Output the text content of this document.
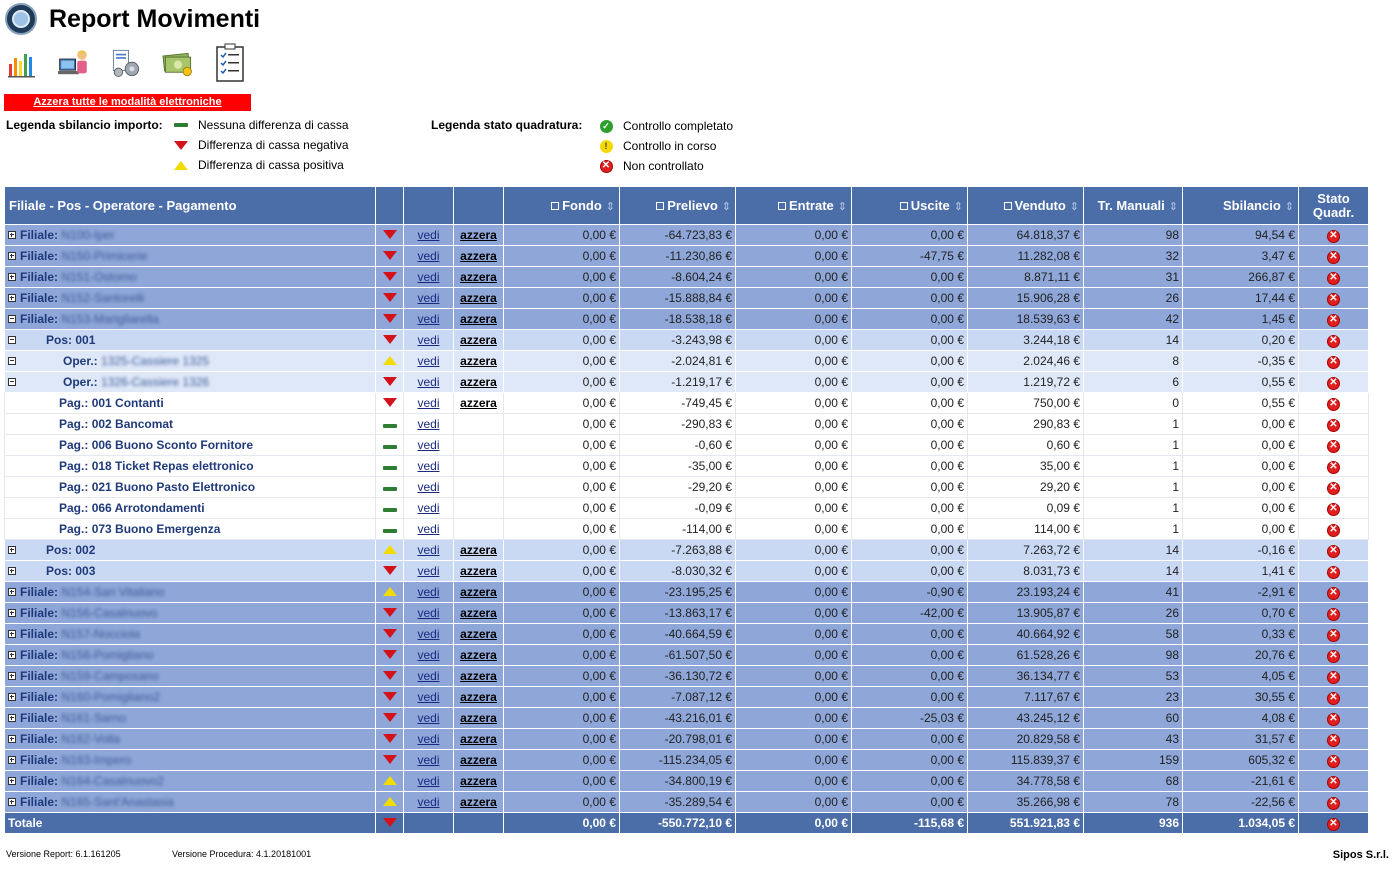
Report Movimenti
Azzera tutte le modalità elettroniche
Legenda sbilancio importo:	Nessuna differenza di cassa
Differenza di cassa negativa
Differenza di cassa positiva
Legenda stato quadratura:	✓ Controllo completato
!	Controllo in corso
✕ Non controllato
Filiale - Pos - Operatore - Pagamento				Fondo ⇕	Prelievo ⇕	Entrate ⇕	Uscite ⇕	Venduto ⇕	Tr. Manuali ⇕	Sbilancio ⇕	Stato
Quadr.
Filiale: N100-Iper		vedi	azzera	0,00 €	-64.723,83 €	0,00 €	0,00 €	64.818,37 €	98	94,54 €	✕
Filiale: N150-Primicerie		vedi	azzera	0,00 €	-11.230,86 €	0,00 €	-47,75 €	11.282,08 €	32	3,47 €	✕
Filiale: N151-Ostorno		vedi	azzera	0,00 €	-8.604,24 €	0,00 €	0,00 €	8.871,11 €	31	266,87 €	✕
Filiale: N152-Santorelli		vedi	azzera	0,00 €	-15.888,84 €	0,00 €	0,00 €	15.906,28 €	26	17,44 €	✕
Filiale: N153-Marigliarella		vedi	azzera	0,00 €	-18.538,18 €	0,00 €	0,00 €	18.539,63 €	42	1,45 €	✕
Pos: 001		vedi	azzera	0,00 €	-3.243,98 €	0,00 €	0,00 €	3.244,18 €	14	0,20 €	✕
Oper.: 1325-Cassiere 1325		vedi	azzera	0,00 €	-2.024,81 €	0,00 €	0,00 €	2.024,46 €	8	-0,35 €	✕
Oper.: 1326-Cassiere 1326		vedi	azzera	0,00 €	-1.219,17 €	0,00 €	0,00 €	1.219,72 €	6	0,55 €	✕
Pag.: 001 Contanti		vedi	azzera	0,00 €	-749,45 €	0,00 €	0,00 €	750,00 €	0	0,55 €	✕
Pag.: 002 Bancomat		vedi		0,00 €	-290,83 €	0,00 €	0,00 €	290,83 €	1	0,00 €	✕
Pag.: 006 Buono Sconto Fornitore		vedi		0,00 €	-0,60 €	0,00 €	0,00 €	0,60 €	1	0,00 €	✕
Pag.: 018 Ticket Repas elettronico		vedi		0,00 €	-35,00 €	0,00 €	0,00 €	35,00 €	1	0,00 €	✕
Pag.: 021 Buono Pasto Elettronico		vedi		0,00 €	-29,20 €	0,00 €	0,00 €	29,20 €	1	0,00 €	✕
Pag.: 066 Arrotondamenti		vedi		0,00 €	-0,09 €	0,00 €	0,00 €	0,09 €	1	0,00 €	✕
Pag.: 073 Buono Emergenza		vedi		0,00 €	-114,00 €	0,00 €	0,00 €	114,00 €	1	0,00 €	✕
Pos: 002		vedi	azzera	0,00 €	-7.263,88 €	0,00 €	0,00 €	7.263,72 €	14	-0,16 €	✕
Pos: 003		vedi	azzera	0,00 €	-8.030,32 €	0,00 €	0,00 €	8.031,73 €	14	1,41 €	✕
Filiale: N154-San Vitaliano		vedi	azzera	0,00 €	-23.195,25 €	0,00 €	-0,90 €	23.193,24 €	41	-2,91 €	✕
Filiale: N156-Casalnuovo		vedi	azzera	0,00 €	-13.863,17 €	0,00 €	-42,00 €	13.905,87 €	26	0,70 €	✕
Filiale: N157-Nocciola		vedi	azzera	0,00 €	-40.664,59 €	0,00 €	0,00 €	40.664,92 €	58	0,33 €	✕
Filiale: N158-Pomigliano		vedi	azzera	0,00 €	-61.507,50 €	0,00 €	0,00 €	61.528,26 €	98	20,76 €	✕
Filiale: N159-Camposano		vedi	azzera	0,00 €	-36.130,72 €	0,00 €	0,00 €	36.134,77 €	53	4,05 €	✕
Filiale: N160-Pomigliano2		vedi	azzera	0,00 €	-7.087,12 €	0,00 €	0,00 €	7.117,67 €	23	30,55 €	✕
Filiale: N161-Sarno		vedi	azzera	0,00 €	-43.216,01 €	0,00 €	-25,03 €	43.245,12 €	60	4,08 €	✕
Filiale: N162-Volla		vedi	azzera	0,00 €	-20.798,01 €	0,00 €	0,00 €	20.829,58 €	43	31,57 €	✕
Filiale: N163-Impero		vedi	azzera	0,00 €	-115.234,05 €	0,00 €	0,00 €	115.839,37 €	159	605,32 €	✕
Filiale: N164-Casalnuovo2		vedi	azzera	0,00 €	-34.800,19 €	0,00 €	0,00 €	34.778,58 €	68	-21,61 €	✕
Filiale: N165-Sant'Anastasia		vedi	azzera	0,00 €	-35.289,54 €	0,00 €	0,00 €	35.266,98 €	78	-22,56 €	✕
Totale				0,00 €	-550.772,10 €	0,00 €	-115,68 €	551.921,83 €	936	1.034,05 €	✕
Versione Report: 6.1.161205	Versione Procedura: 4.1.20181001	Sipos S.r.l.
